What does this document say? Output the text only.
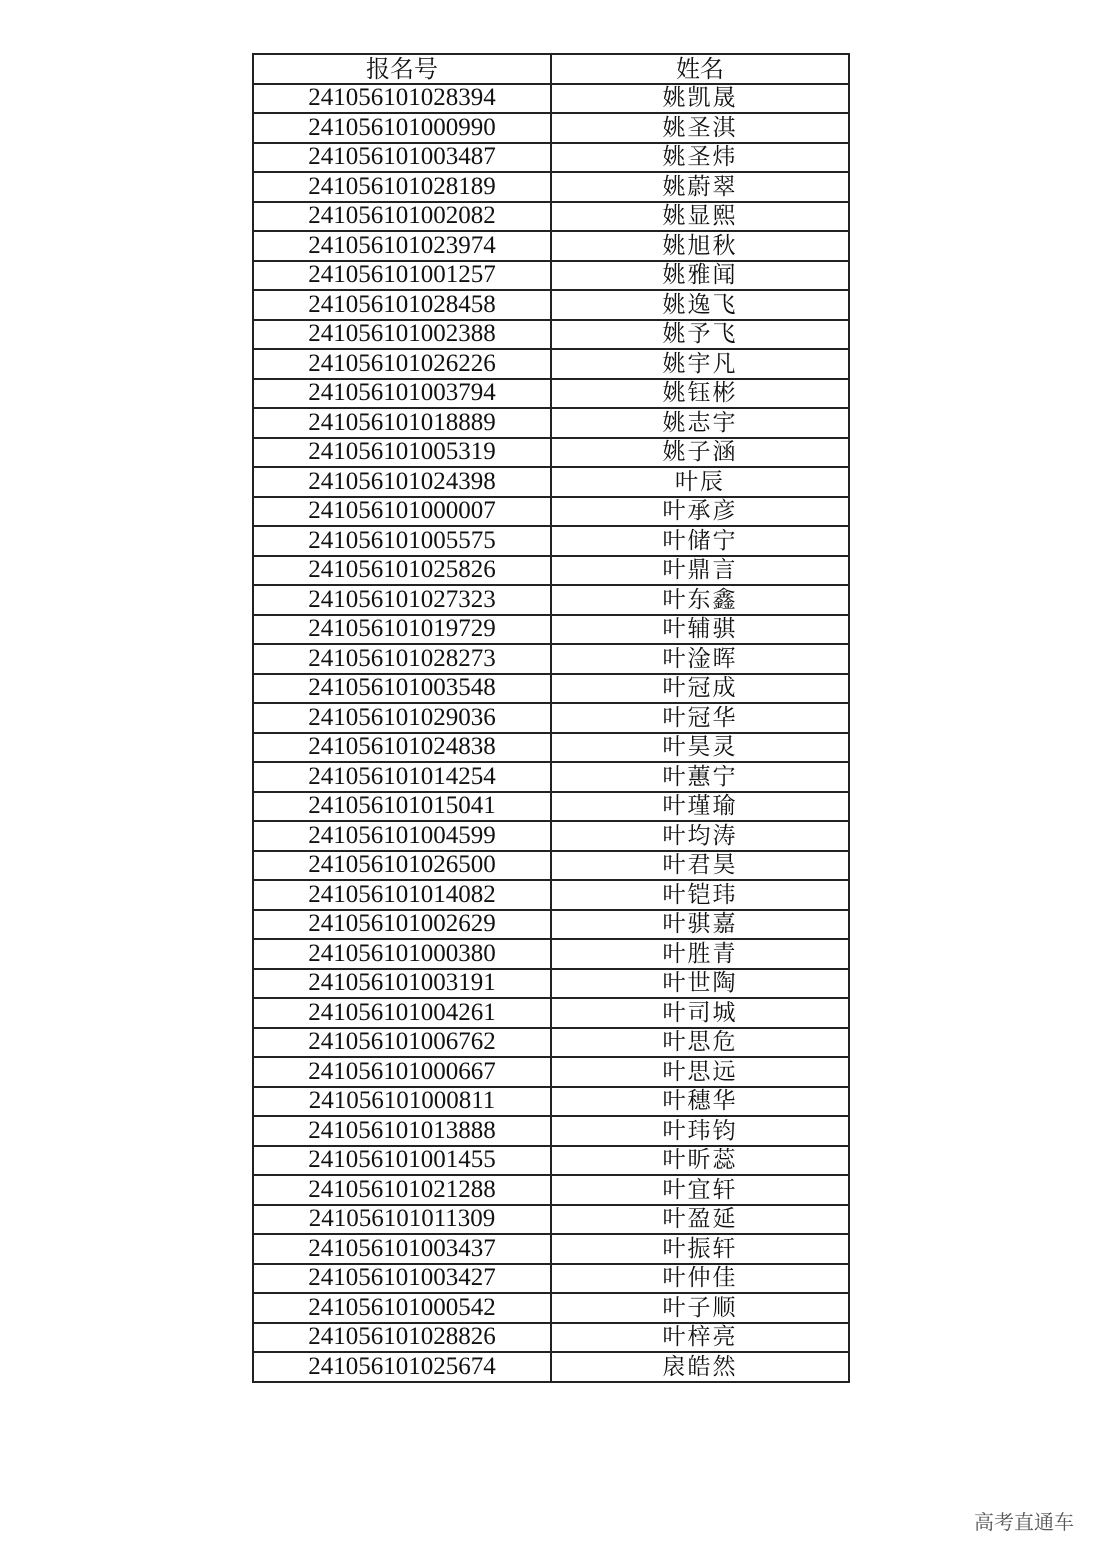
报名号	姓名
241056101028394	姚凯晟
241056101000990	姚圣淇
241056101003487	姚圣炜
241056101028189	姚蔚翠
241056101002082	姚显熙
241056101023974	姚旭秋
241056101001257	姚雅闻
241056101028458	姚逸飞
241056101002388	姚予飞
241056101026226	姚宇凡
241056101003794	姚钰彬
241056101018889	姚志宇
241056101005319	姚子涵
241056101024398	叶辰
241056101000007	叶承彦
241056101005575	叶储宁
241056101025826	叶鼎言
241056101027323	叶东鑫
241056101019729	叶辅骐
241056101028273	叶淦晖
241056101003548	叶冠成
241056101029036	叶冠华
241056101024838	叶昊灵
241056101014254	叶蕙宁
241056101015041	叶瑾瑜
241056101004599	叶均涛
241056101026500	叶君昊
241056101014082	叶铠玮
241056101002629	叶骐嘉
241056101000380	叶胜青
241056101003191	叶世陶
241056101004261	叶司城
241056101006762	叶思危
241056101000667	叶思远
241056101000811	叶穗华
241056101013888	叶玮钧
241056101001455	叶昕蕊
241056101021288	叶宜轩
241056101011309	叶盈延
241056101003437	叶振轩
241056101003427	叶仲佳
241056101000542	叶子顺
241056101028826	叶梓亮
241056101025674	扆皓然
高考直通车
